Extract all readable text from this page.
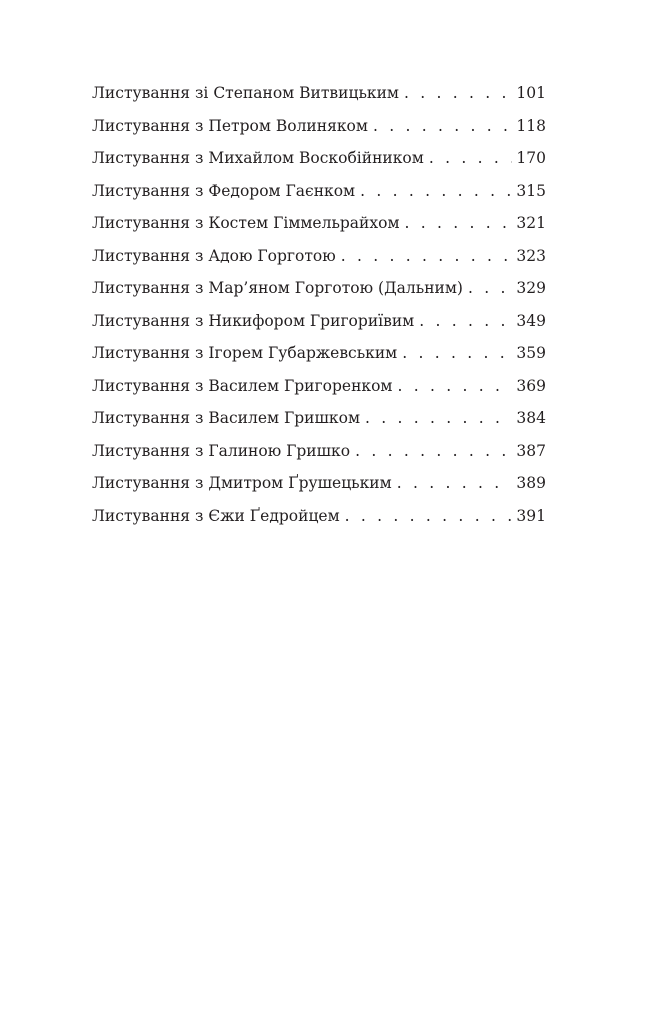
Листування зі Степаном Витвицьким . . .	101
Листування з Петром Волиняком . . .	118
Листування з Михайлом Воскобійником . . .	170
Листування з Федором Гаєнком . . .	315
Листування з Костем Гіммельрайхом . . .	321
Листування з Адою Горготою . . .	323
Листування з Мар’яном Горготою (Дальним) . . .	329
Листування з Никифором Григориївим . . .	349
Листування з Ігорем Губаржевським . . .	359
Листування з Василем Григоренком . . .	369
Листування з Василем Гришком . . .	384
Листування з Галиною Гришко . . .	387
Листування з Дмитром Ґрушецьким . . .	389
Листування з Єжи Ґедройцем . . .	391
